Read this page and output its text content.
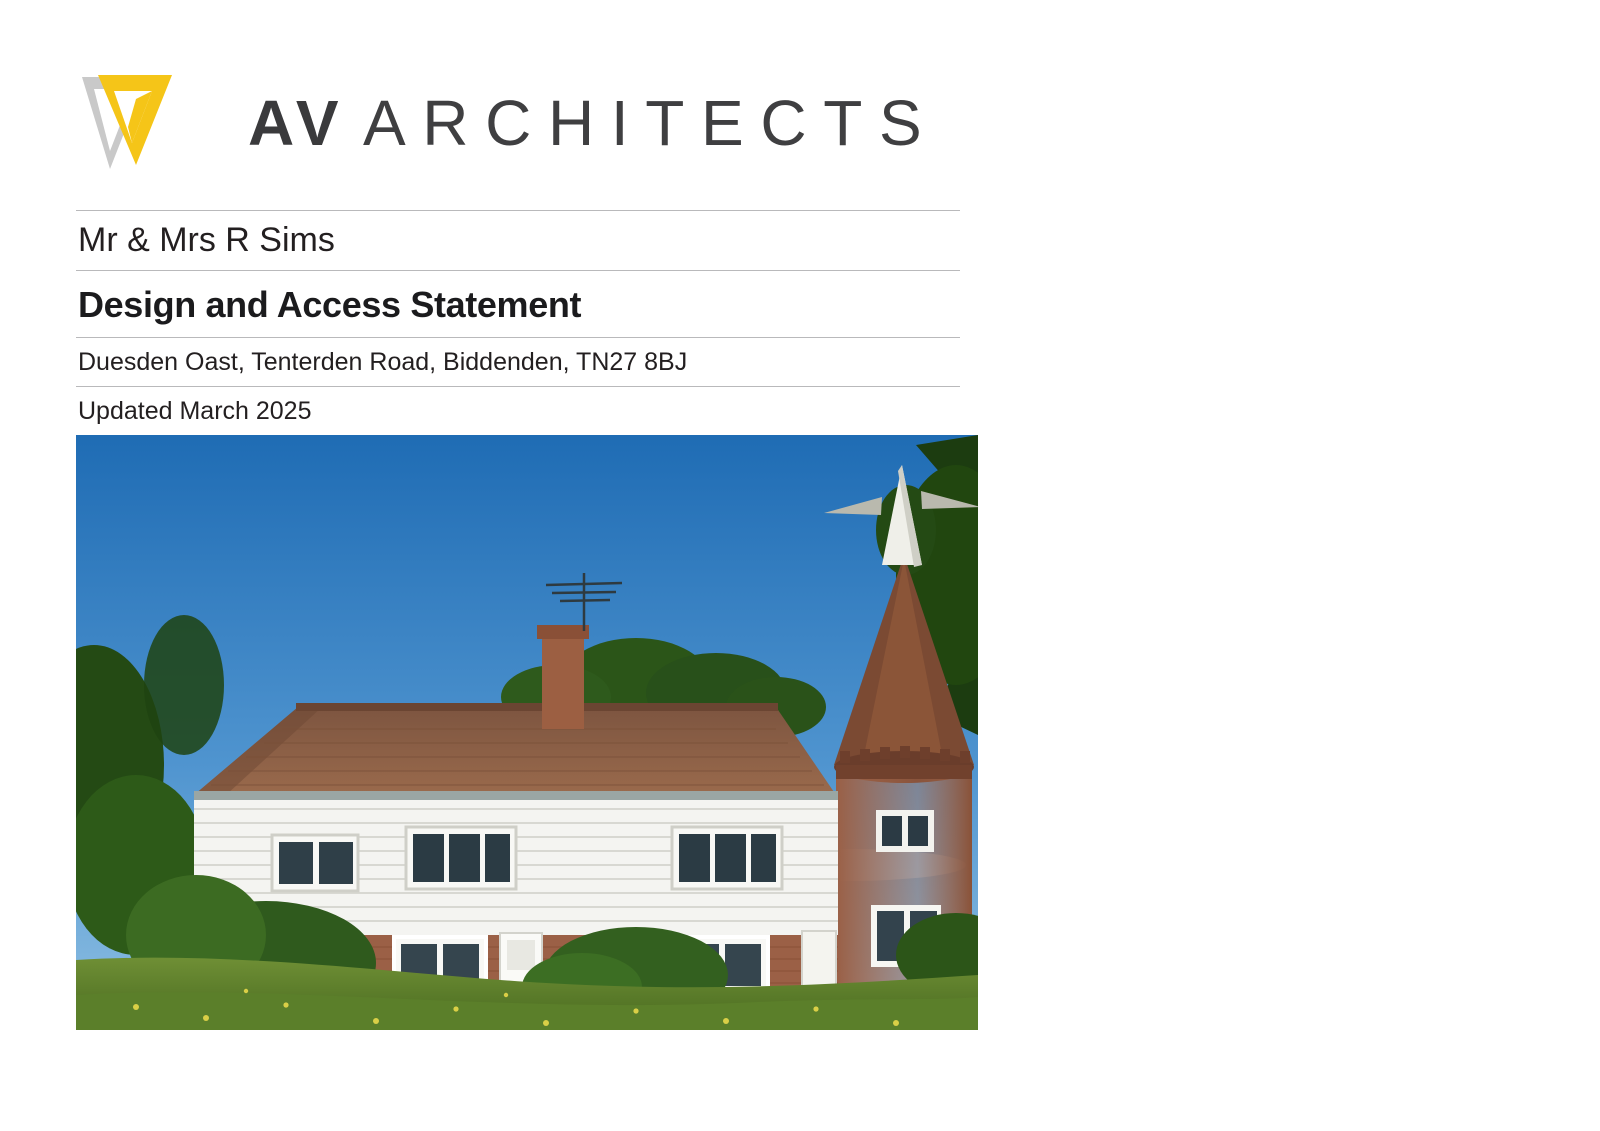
AV ARCHITECTS
Mr & Mrs R Sims
Design and Access Statement
Duesden Oast, Tenterden Road, Biddenden, TN27 8BJ
Updated March 2025
